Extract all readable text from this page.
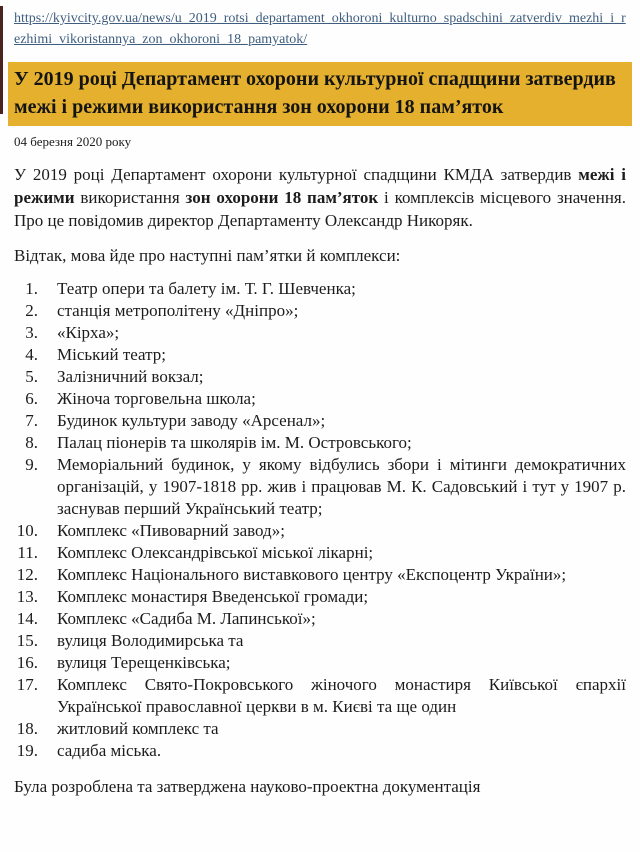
https://kyivcity.gov.ua/news/u_2019_rotsi_departament_okhoroni_kulturno_spadschini_zatverdiv_mezhi_i_rezhimi_vikoristannya_zon_okhoroni_18_pamyatok/
У 2019 році Департамент охорони культурної спадщини затвердив межі і режими використання зон охорони 18 пам’яток
04 березня 2020 року

У 2019 році Департамент охорони культурної спадщини КМДА затвердив межі і режими використання зон охорони 18 пам’яток і комплексів місцевого значення. Про це повідомив директор Департаменту Олександр Никоряк.

Відтак, мова йде про наступні пам’ятки й комплекси:

1. Театр опери та балету ім. Т. Г. Шевченка;
2. станція метрополітену «Дніпро»;
3. «Кірха»;
4. Міський театр;
5. Залізничний вокзал;
6. Жіноча торговельна школа;
7. Будинок культури заводу «Арсенал»;
8. Палац піонерів та школярів ім. М. Островського;
9. Меморіальний будинок, у якому відбулись збори і мітинги демократичних організацій, у 1907-1818 рр. жив і працював М. К. Садовський і тут у 1907 р. заснував перший Український театр;
10. Комплекс «Пивоварний завод»;
11. Комплекс Олександрівської міської лікарні;
12. Комплекс Національного виставкового центру «Експоцентр України»;
13. Комплекс монастиря Введенської громади;
14. Комплекс «Садиба М. Лапинської»;
15. вулиця Володимирська та
16. вулиця Терещенківська;
17. Комплекс Свято-Покровського жіночого монастиря Київської єпархії Української православної церкви в м. Києві та ще один
18. житловий комплекс та
19. садиба міська.

Була розроблена та затверджена науково-проектна документація
